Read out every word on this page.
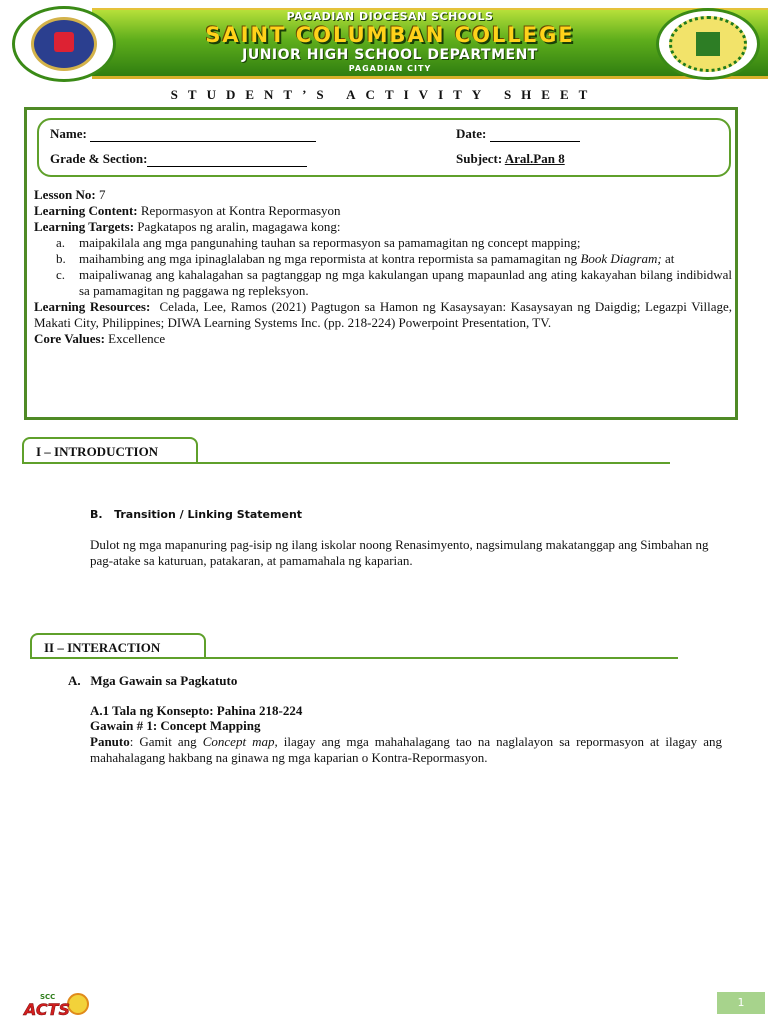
PAGADIAN DIOCESAN SCHOOLS
SAINT COLUMBAN COLLEGE
JUNIOR HIGH SCHOOL DEPARTMENT
PAGADIAN CITY
STUDENT’S ACTIVITY SHEET
Name:	Date:
Grade & Section:	Subject: Aral.Pan 8
Lesson No: 7
Learning Content: Repormasyon at Kontra Repormasyon
Learning Targets: Pagkatapos ng aralin, magagawa kong:
a. maipakilala ang mga pangunahing tauhan sa repormasyon sa pamamagitan ng concept mapping;
b. maihambing ang mga ipinaglalaban ng mga repormista at kontra repormista sa pamamagitan ng Book Diagram; at
c. maipaliwanag ang kahalagahan sa pagtanggap ng mga kakulangan upang mapaunlad ang ating kakayahan bilang indibidwal sa pamamagitan ng paggawa ng repleksyon.
Learning Resources: Celada, Lee, Ramos (2021) Pagtugon sa Hamon ng Kasaysayan: Kasaysayan ng Daigdig; Legazpi Village, Makati City, Philippines; DIWA Learning Systems Inc. (pp. 218-224) Powerpoint Presentation, TV.
Core Values: Excellence
I – INTRODUCTION
B. Transition / Linking Statement
Dulot ng mga mapanuring pag-isip ng ilang iskolar noong Renasimyento, nagsimulang makatanggap ang Simbahan ng pag-atake sa katuruan, patakaran, at pamamahala ng kaparian.
II – INTERACTION
A. Mga Gawain sa Pagkatuto
A.1 Tala ng Konsepto: Pahina 218-224
Gawain # 1: Concept Mapping
Panuto: Gamit ang Concept map, ilagay ang mga mahahalagang tao na naglalayon sa repormasyon at ilagay ang mahahalagang hakbang na ginawa ng mga kaparian o Kontra-Repormasyon.
SCC
ACTS	1
